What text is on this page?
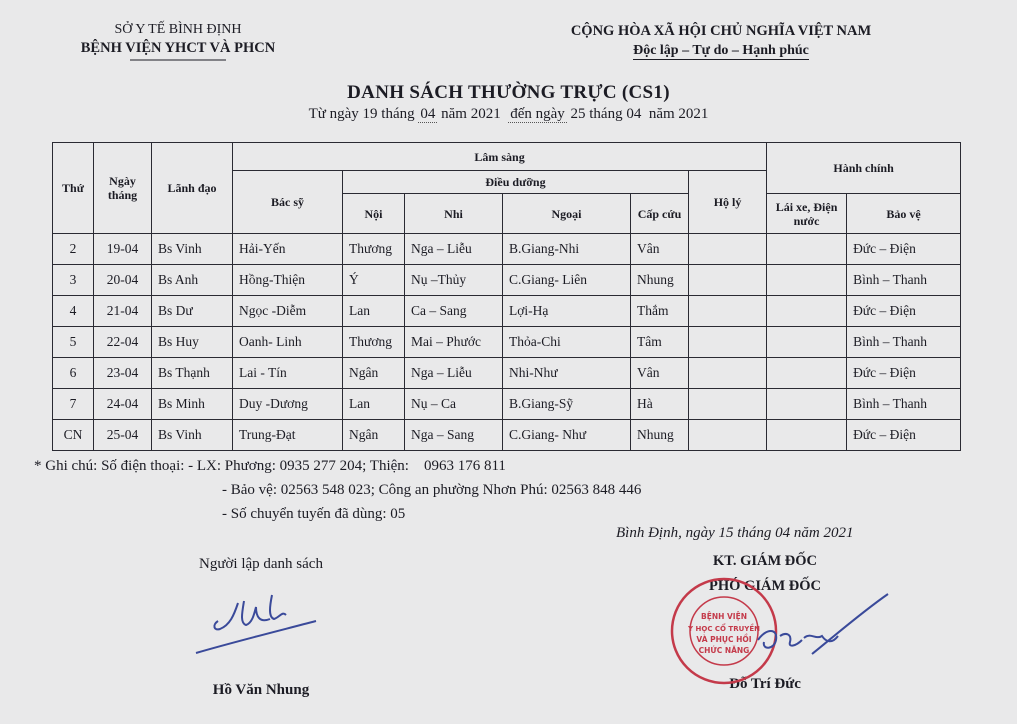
SỞ Y TẾ BÌNH ĐỊNH
BỆNH VIỆN YHCT VÀ PHCN
CỘNG HÒA XÃ HỘI CHỦ NGHĨA VIỆT NAM
Độc lập – Tự do – Hạnh phúc
DANH SÁCH THƯỜNG TRỰC (CS1)
Từ ngày 19 tháng 04 năm 2021 đến ngày 25 tháng 04 năm 2021
Thứ	Ngày tháng	Lãnh đạo	Lâm sàng						Hành chính	
			Bác sỹ	Điều dưỡng				Hộ lý		
				Nội	Nhi	Ngoại	Cấp cứu		Lái xe, Điện nước	Bảo vệ
2	19-04	Bs Vinh	Hải-Yến	Thương	Nga – Liễu	B.Giang-Nhi	Vân			Đức – Điện
3	20-04	Bs Anh	Hồng-Thiện	Ý	Nụ –Thủy	C.Giang- Liên	Nhung			Bình – Thanh
4	21-04	Bs Dư	Ngọc -Diễm	Lan	Ca – Sang	Lợi-Hạ	Thắm			Đức – Điện
5	22-04	Bs Huy	Oanh- Linh	Thương	Mai – Phước	Thỏa-Chi	Tâm			Bình – Thanh
6	23-04	Bs Thạnh	Lai - Tín	Ngân	Nga – Liễu	Nhi-Như	Vân			Đức – Điện
7	24-04	Bs Minh	Duy -Dương	Lan	Nụ – Ca	B.Giang-Sỹ	Hà			Bình – Thanh
CN	25-04	Bs Vinh	Trung-Đạt	Ngân	Nga – Sang	C.Giang- Như	Nhung			Đức – Điện
* Ghi chú: Số điện thoại: - LX: Phương: 0935 277 204; Thiện: 0963 176 811
- Bảo vệ: 02563 548 023; Công an phường Nhơn Phú: 02563 848 446
- Số chuyển tuyến đã dùng: 05
Bình Định, ngày 15 tháng 04 năm 2021
KT. GIÁM ĐỐC
PHÓ GIÁM ĐỐC
Người lập danh sách
Hồ Văn Nhung	Đỗ Trí Đức
BỆNH VIỆN
Y HỌC CỔ TRUYỀN
VÀ PHỤC HỒI
CHỨC NĂNG
